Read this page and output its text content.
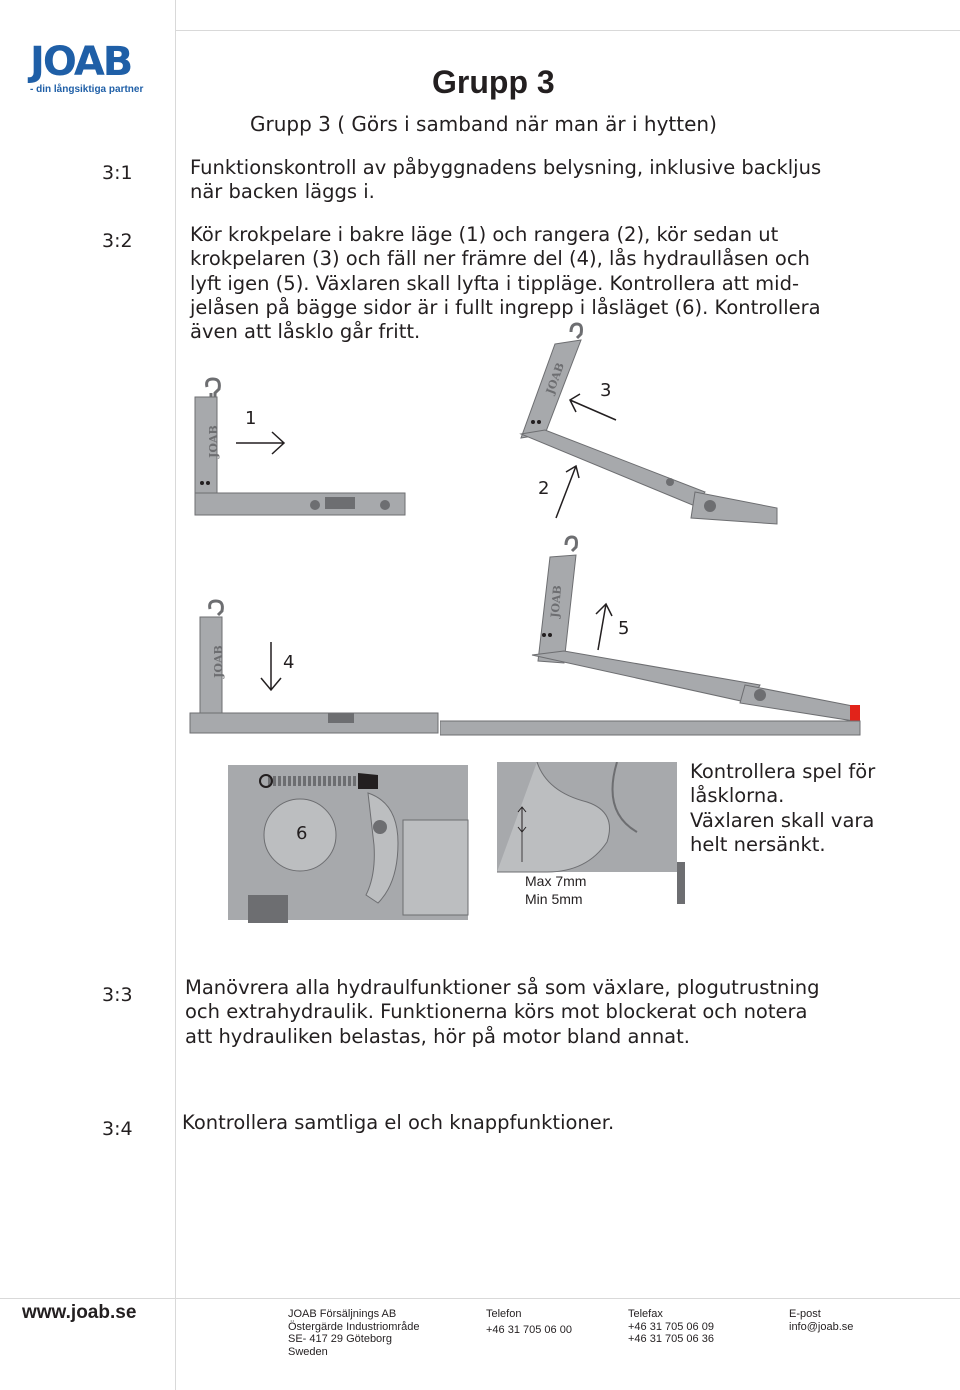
JOAB
- din långsiktiga partner	Grupp 3
Grupp 3 ( Görs i samband när man är i hytten)
3:1	Funktionskontroll av påbyggnadens belysning, inklusive backljus
när backen läggs i.
3:2	Kör krokpelare i bakre läge (1) och rangera (2), kör sedan ut
krokpelaren (3) och fäll ner främre del (4), lås hydraullåsen och
lyft igen (5). Växlaren skall lyfta i tippläge. Kontrollera att mid-
jelåsen på bägge sidor är i fullt ingrepp i låsläget (6). Kontrollera
även att låsklo går fritt.
JOAB
1
JOAB 3
2
JOAB	4
JOAB
5
6
Max 7mm
Min 5mm
Kontrollera spel för
låsklorna.
Växlaren skall vara
helt nersänkt.
3:3	Manövrera alla hydraulfunktioner så som växlare, plogutrustning
och extrahydraulik. Funktionerna körs mot blockerat och notera
att hydrauliken belastas, hör på motor bland annat.
3:4	Kontrollera samtliga el och knappfunktioner.
www.joab.se	JOAB Försäljnings AB
Östergärde Industriområde
SE- 417 29 Göteborg
Sweden
Telefon
+46 31 705 06 00
Telefax
+46 31 705 06 09
+46 31 705 06 36
E-post
info@joab.se
